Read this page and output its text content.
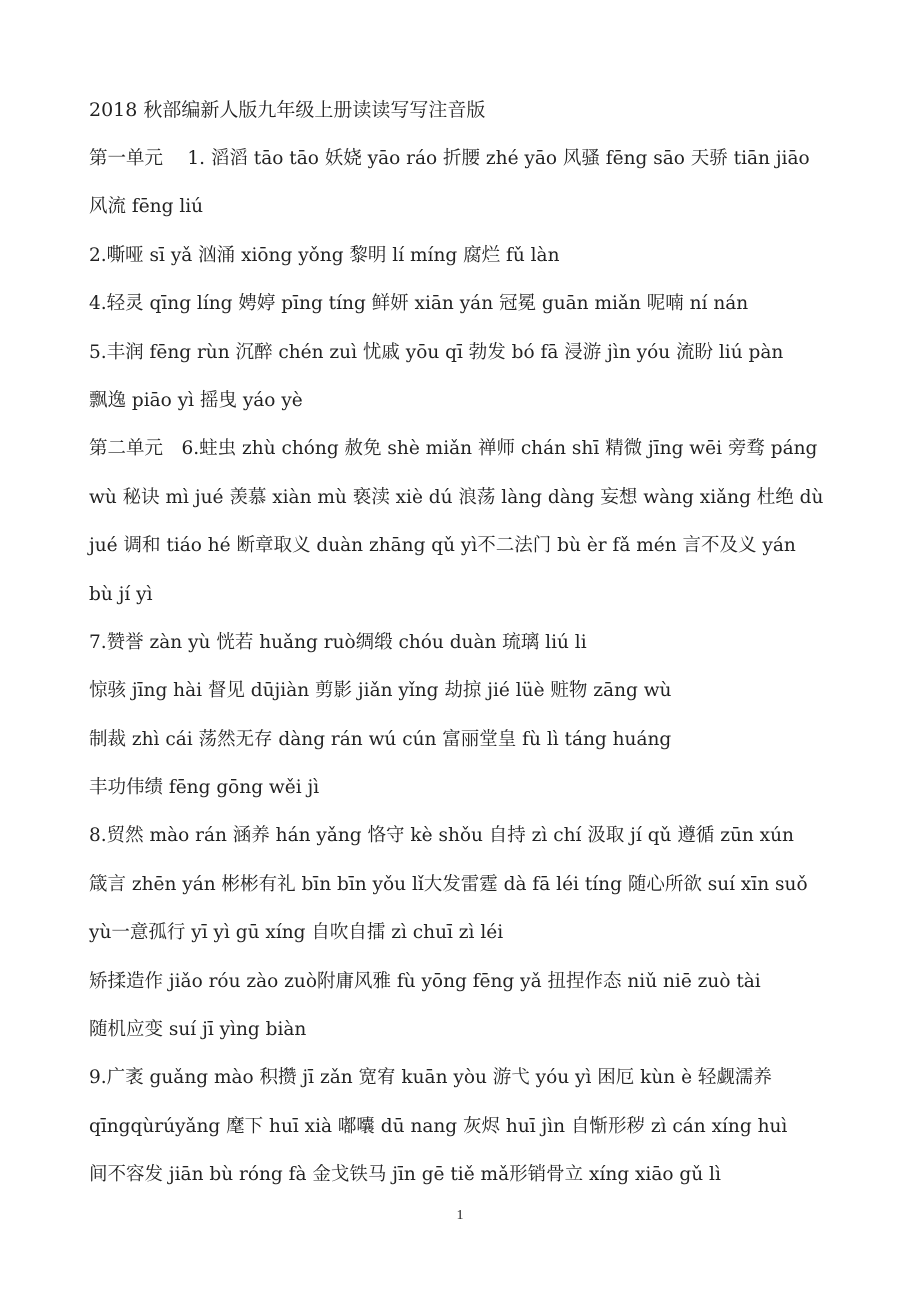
2018 秋部编新人版九年级上册读读写写注音版
第一单元　 1. 滔滔 tāo tāo 妖娆 yāo ráo 折腰 zhé yāo 风骚 fēng sāo 天骄 tiān jiāo
风流 fēng liú
2.嘶哑 sī yǎ 汹涌 xiōng yǒng 黎明 lí míng 腐烂 fǔ làn
4.轻灵 qīng líng 娉婷 pīng tíng 鲜妍 xiān yán 冠冕 guān miǎn 呢喃 ní nán
5.丰润 fēng rùn 沉醉 chén zuì 忧戚 yōu qī 勃发 bó fā 浸游 jìn yóu 流盼 liú pàn
飘逸 piāo yì 摇曳 yáo yè
第二单元　6.蛀虫 zhù chóng 赦免 shè miǎn 禅师 chán shī 精微 jīng wēi 旁骛 páng
wù 秘诀 mì jué 羡慕 xiàn mù 亵渎 xiè dú 浪荡 làng dàng 妄想 wàng xiǎng 杜绝 dù
jué 调和 tiáo hé 断章取义 duàn zhāng qǔ yì不二法门 bù èr fǎ mén 言不及义 yán
bù jí yì
7.赞誉 zàn yù 恍若 huǎng ruò绸缎 chóu duàn 琉璃 liú li
惊骇 jīng hài 督见 dūjiàn 剪影 jiǎn yǐng 劫掠 jié lüè 赃物 zāng wù
制裁 zhì cái 荡然无存 dàng rán wú cún 富丽堂皇 fù lì táng huáng
丰功伟绩 fēng gōng wěi jì
8.贸然 mào rán 涵养 hán yǎng 恪守 kè shǒu 自持 zì chí 汲取 jí qǔ 遵循 zūn xún
箴言 zhēn yán 彬彬有礼 bīn bīn yǒu lǐ大发雷霆 dà fā léi tíng 随心所欲 suí xīn suǒ
yù一意孤行 yī yì gū xíng 自吹自擂 zì chuī zì léi
矫揉造作 jiǎo róu zào zuò附庸风雅 fù yōng fēng yǎ 扭捏作态 niǔ niē zuò tài
随机应变 suí jī yìng biàn
9.广袤 guǎng mào 积攒 jī zǎn 宽宥 kuān yòu 游弋 yóu yì 困厄 kùn è 轻觑濡养
qīngqùrúyǎng 麾下 huī xià 嘟囔 dū nang 灰烬 huī jìn 自惭形秽 zì cán xíng huì
间不容发 jiān bù róng fà 金戈铁马 jīn gē tiě mǎ形销骨立 xíng xiāo gǔ lì
1
